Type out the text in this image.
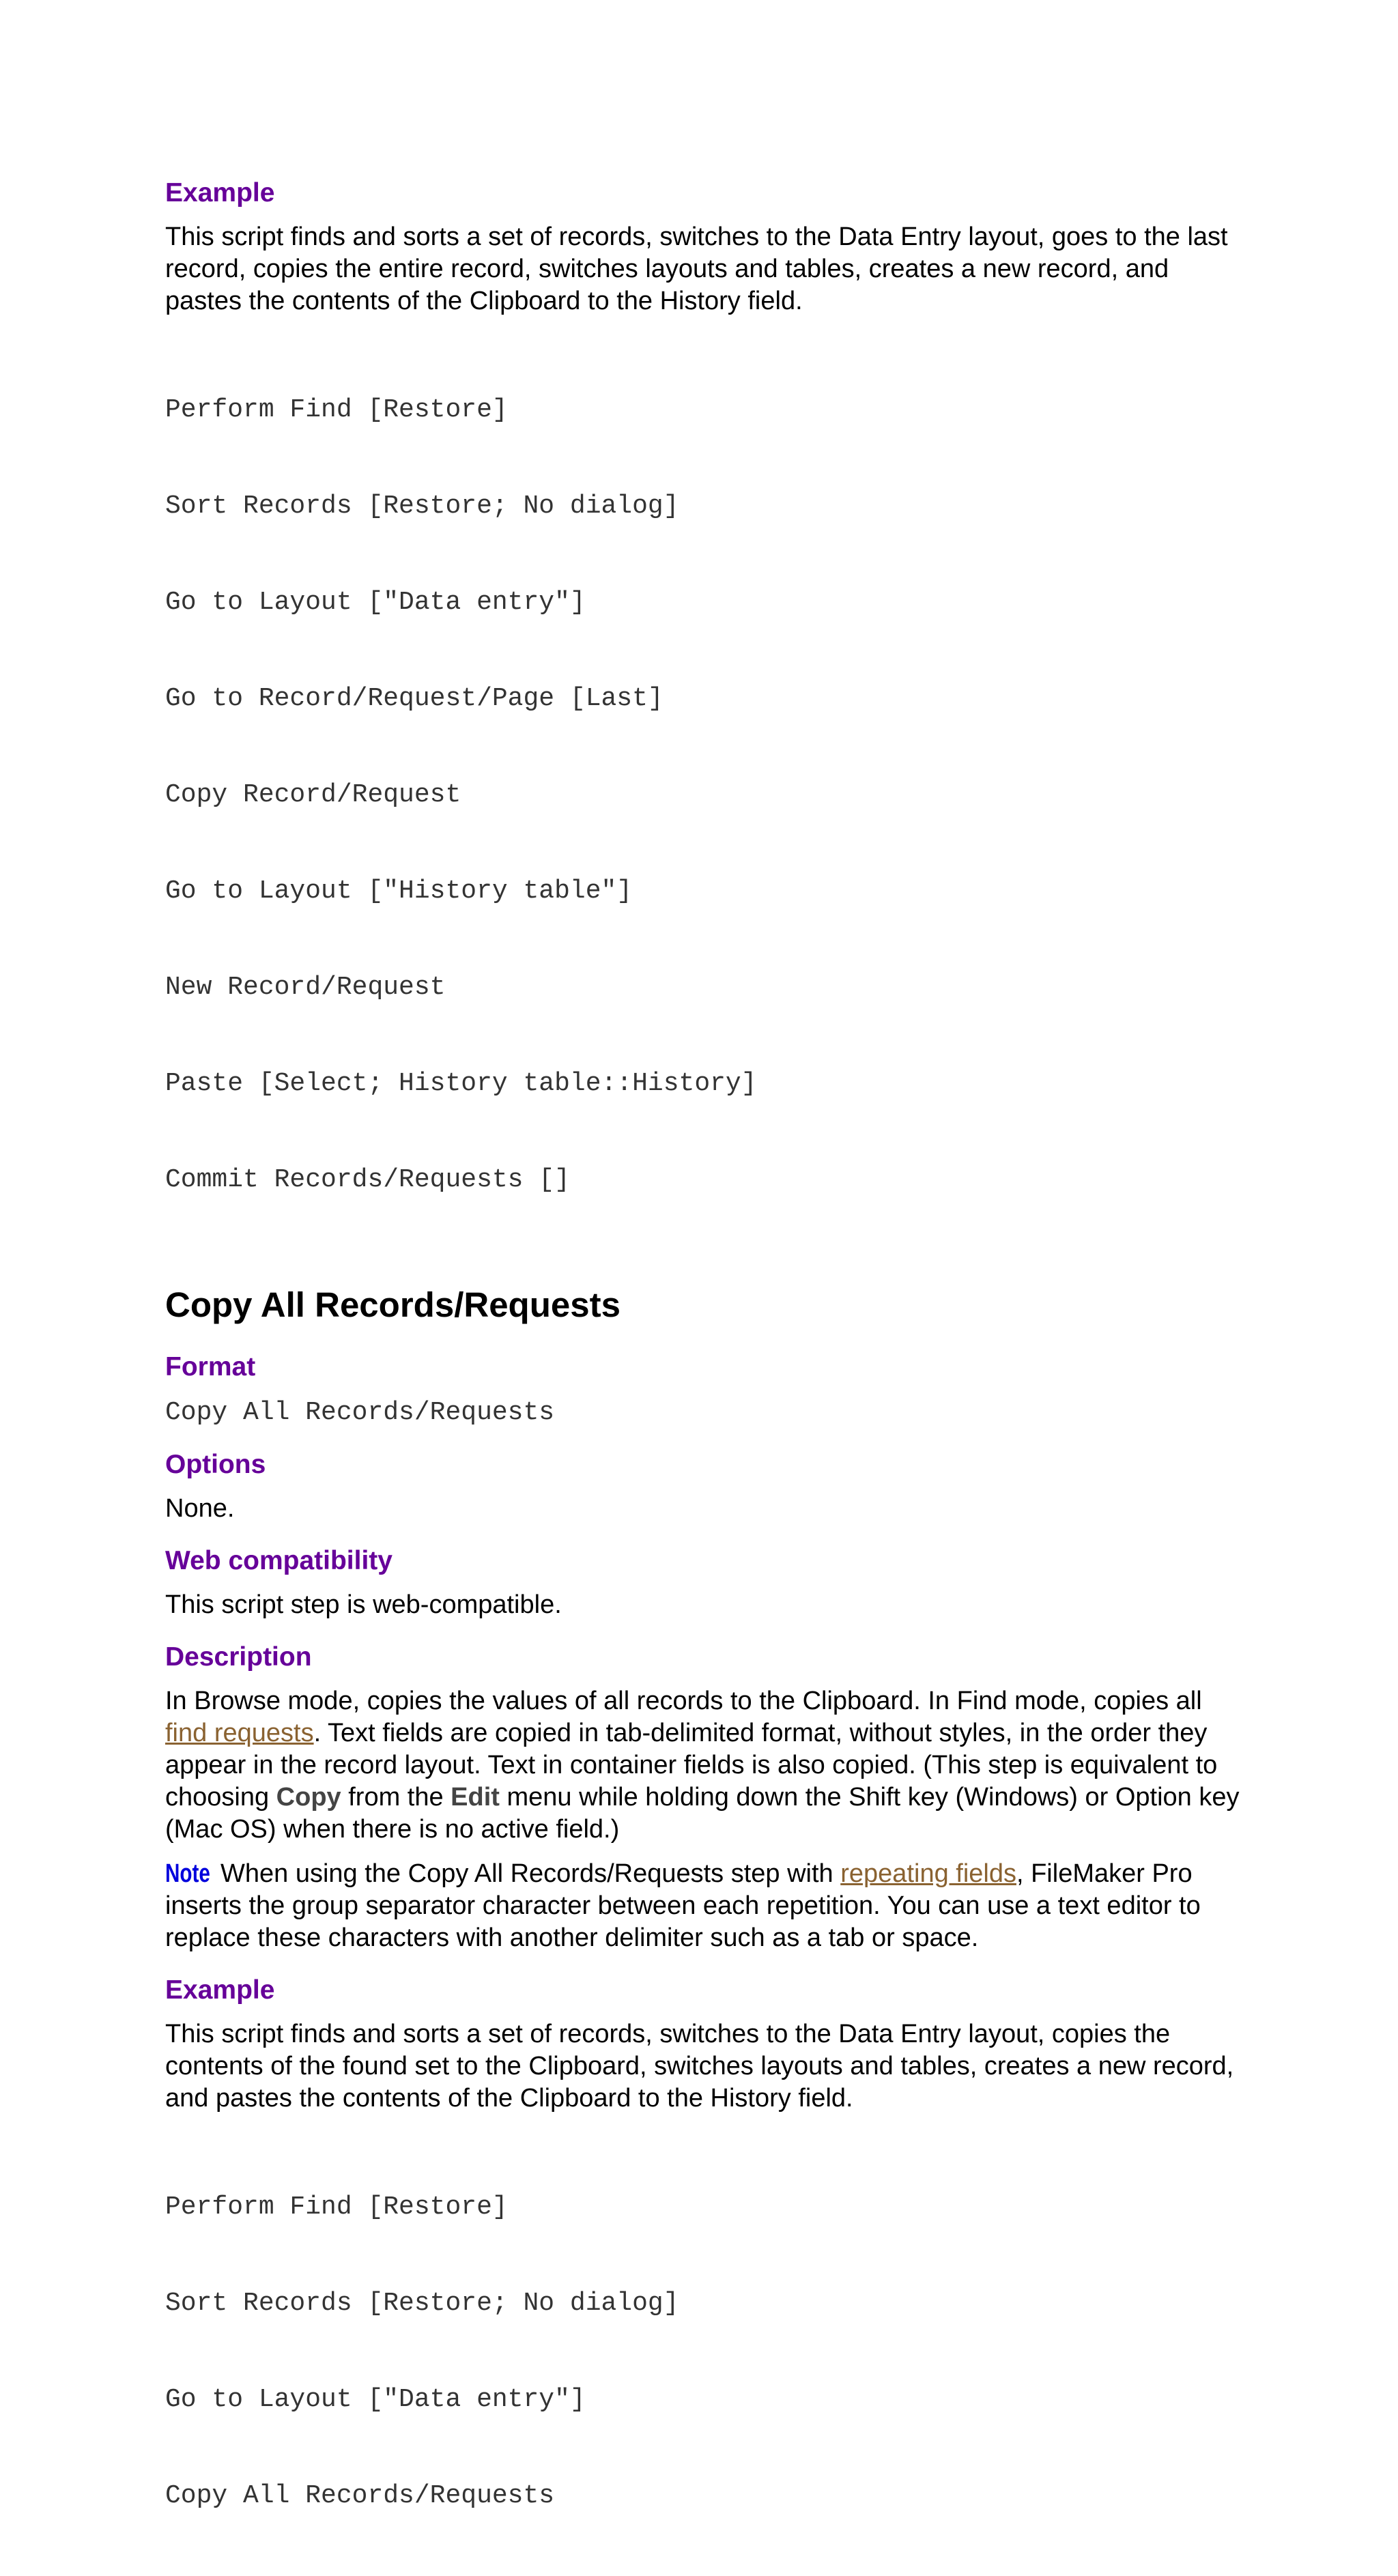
Example

This script finds and sorts a set of records, switches to the Data Entry layout, goes to the last record, copies the entire record, switches layouts and tables, creates a new record, and pastes the contents of the Clipboard to the History field.

Perform Find [Restore]

Sort Records [Restore; No dialog]

Go to Layout ["Data entry"]

Go to Record/Request/Page [Last]

Copy Record/Request

Go to Layout ["History table"]

New Record/Request

Paste [Select; History table::History]

Commit Records/Requests []

Copy All Records/Requests
Format
Copy All Records/Requests
Options

None.

Web compatibility

This script step is web-compatible.

Description

In Browse mode, copies the values of all records to the Clipboard. In Find mode, copies all find requests. Text fields are copied in tab-delimited format, without styles, in the order they appear in the record layout. Text in container fields is also copied. (This step is equivalent to choosing Copy from the Edit menu while holding down the Shift key (Windows) or Option key (Mac OS) when there is no active field.)

Note When using the Copy All Records/Requests step with repeating fields, FileMaker Pro inserts the group separator character between each repetition. You can use a text editor to replace these characters with another delimiter such as a tab or space.

Example

This script finds and sorts a set of records, switches to the Data Entry layout, copies the contents of the found set to the Clipboard, switches layouts and tables, creates a new record, and pastes the contents of the Clipboard to the History field.

Perform Find [Restore]

Sort Records [Restore; No dialog]

Go to Layout ["Data entry"]

Copy All Records/Requests
